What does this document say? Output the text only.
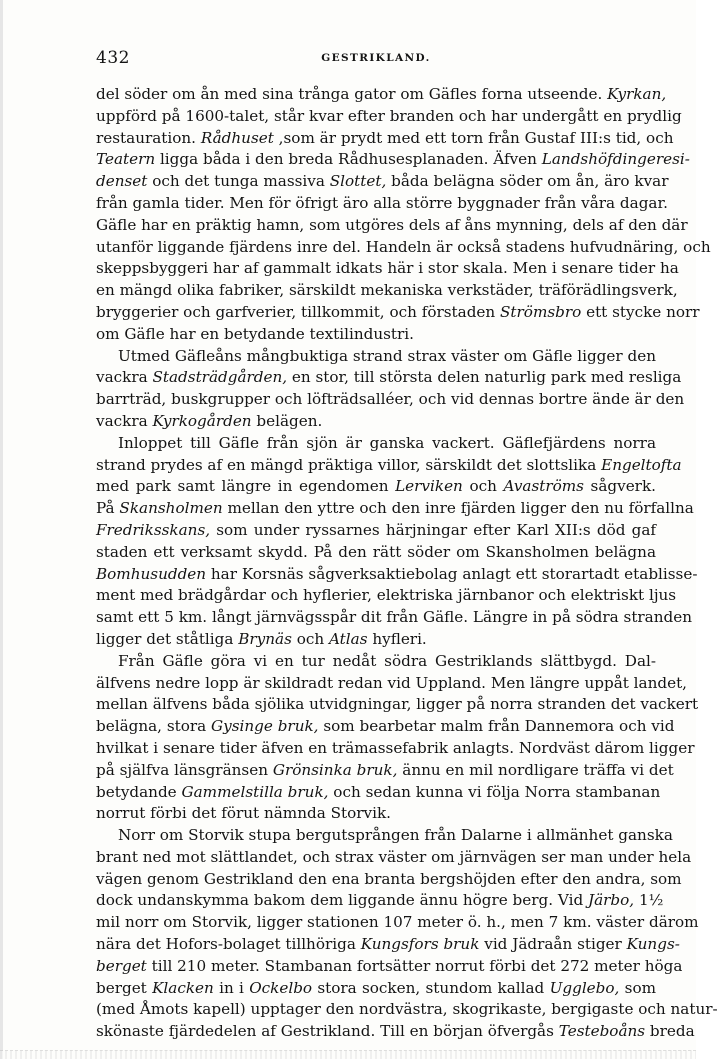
432	GESTRIKLAND.
del söder om ån med sina trånga gator om Gäfles forna utseende. Kyrkan,
uppförd på 1600-talet, står kvar efter branden och har undergått en prydlig
restauration. Rådhuset ,som är prydt med ett torn från Gustaf III:s tid, och
Teatern ligga båda i den breda Rådhusesplanaden. Äfven Landshöfdingeresi-
denset och det tunga massiva Slottet, båda belägna söder om ån, äro kvar
från gamla tider. Men för öfrigt äro alla större byggnader från våra dagar.
Gäfle har en präktig hamn, som utgöres dels af åns mynning, dels af den där
utanför liggande fjärdens inre del. Handeln är också stadens hufvudnäring, och
skeppsbyggeri har af gammalt idkats här i stor skala. Men i senare tider ha
en mängd olika fabriker, särskildt mekaniska verkstäder, träförädlingsverk,
bryggerier och garfverier, tillkommit, och förstaden Strömsbro ett stycke norr
om Gäfle har en betydande textilindustri.
Utmed Gäfleåns mångbuktiga strand strax väster om Gäfle ligger den
vackra Stadsträdgården, en stor, till största delen naturlig park med resliga
barrträd, buskgrupper och löfträdsalléer, och vid dennas bortre ände är den
vackra Kyrkogården belägen.
Inloppet till Gäfle från sjön är ganska vackert. Gäflefjärdens norra
strand prydes af en mängd präktiga villor, särskildt det slottslika Engeltofta
med park samt längre in egendomen Lerviken och Avaströms sågverk.
På Skansholmen mellan den yttre och den inre fjärden ligger den nu förfallna
Fredriksskans, som under ryssarnes härjningar efter Karl XII:s död gaf
staden ett verksamt skydd. På den rätt söder om Skansholmen belägna
Bomhusudden har Korsnäs sågverksaktiebolag anlagt ett storartadt etablisse-
ment med brädgårdar och hyflerier, elektriska järnbanor och elektriskt ljus
samt ett 5 km. långt järnvägsspår dit från Gäfle. Längre in på södra stranden
ligger det ståtliga Brynäs och Atlas hyfleri.
Från Gäfle göra vi en tur nedåt södra Gestriklands slättbygd. Dal-
älfvens nedre lopp är skildradt redan vid Uppland. Men längre uppåt landet,
mellan älfvens båda sjölika utvidgningar, ligger på norra stranden det vackert
belägna, stora Gysinge bruk, som bearbetar malm från Dannemora och vid
hvilkat i senare tider äfven en trämassefabrik anlagts. Nordväst därom ligger
på själfva länsgränsen Grönsinka bruk, ännu en mil nordligare träffa vi det
betydande Gammelstilla bruk, och sedan kunna vi följa Norra stambanan
norrut förbi det förut nämnda Storvik.
Norr om Storvik stupa bergutsprången från Dalarne i allmänhet ganska
brant ned mot slättlandet, och strax väster om järnvägen ser man under hela
vägen genom Gestrikland den ena branta bergshöjden efter den andra, som
dock undanskymma bakom dem liggande ännu högre berg. Vid Järbo, 1½
mil norr om Storvik, ligger stationen 107 meter ö. h., men 7 km. väster därom
nära det Hofors-bolaget tillhöriga Kungsfors bruk vid Jädraån stiger Kungs-
berget till 210 meter. Stambanan fortsätter norrut förbi det 272 meter höga
berget Klacken in i Ockelbo stora socken, stundom kallad Ugglebo, som
(med Åmots kapell) upptager den nordvästra, skogrikaste, bergigaste och natur-
skönaste fjärdedelen af Gestrikland. Till en början öfvergås Testeboåns breda
